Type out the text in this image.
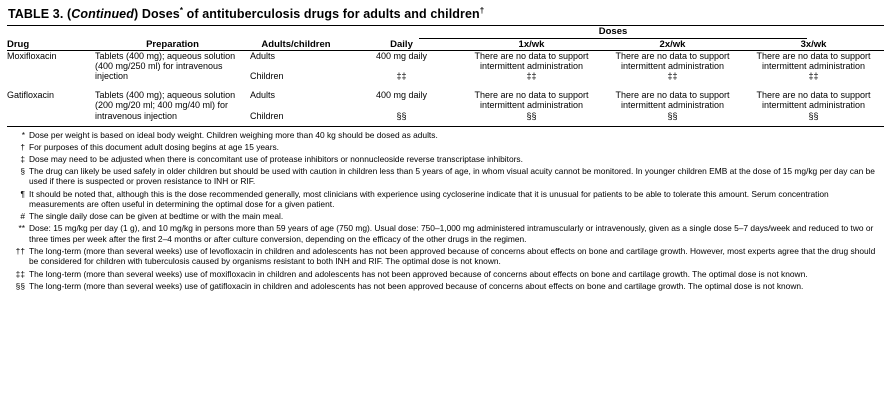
TABLE 3. (Continued) Doses* of antituberculosis drugs for adults and children†
			Doses			
Drug	Preparation	Adults/children	Daily	1x/wk	2x/wk	3x/wk
Moxifloxacin	Tablets (400 mg); aqueous solution (400 mg/250 ml) for intravenous injection	Adults	400 mg daily	There are no data to support intermittent administration	There are no data to support intermittent administration	There are no data to support intermittent administration
		Children	‡‡	‡‡	‡‡	‡‡
Gatifloxacin	Tablets (400 mg); aqueous solution (200 mg/20 ml; 400 mg/40 ml) for intravenous injection	Adults	400 mg daily	There are no data to support intermittent administration	There are no data to support intermittent administration	There are no data to support intermittent administration
		Children	§§	§§	§§	§§
* Dose per weight is based on ideal body weight. Children weighing more than 40 kg should be dosed as adults.
† For purposes of this document adult dosing begins at age 15 years.
‡ Dose may need to be adjusted when there is concomitant use of protease inhibitors or nonnucleoside reverse transcriptase inhibitors.
§ The drug can likely be used safely in older children but should be used with caution in children less than 5 years of age, in whom visual acuity cannot be monitored. In younger children EMB at the dose of 15 mg/kg per day can be used if there is suspected or proven resistance to INH or RIF.
¶ It should be noted that, although this is the dose recommended generally, most clinicians with experience using cycloserine indicate that it is unusual for patients to be able to tolerate this amount. Serum concentration measurements are often useful in determining the optimal dose for a given patient.
# The single daily dose can be given at bedtime or with the main meal.
** Dose: 15 mg/kg per day (1 g), and 10 mg/kg in persons more than 59 years of age (750 mg). Usual dose: 750–1,000 mg administered intramuscularly or intravenously, given as a single dose 5–7 days/week and reduced to two or three times per week after the first 2–4 months or after culture conversion, depending on the efficacy of the other drugs in the regimen.
†† The long-term (more than several weeks) use of levofloxacin in children and adolescents has not been approved because of concerns about effects on bone and cartilage growth. However, most experts agree that the drug should be considered for children with tuberculosis caused by organisms resistant to both INH and RIF. The optimal dose is not known.
‡‡ The long-term (more than several weeks) use of moxifloxacin in children and adolescents has not been approved because of concerns about effects on bone and cartilage growth. The optimal dose is not known.
§§ The long-term (more than several weeks) use of gatifloxacin in children and adolescents has not been approved because of concerns about effects on bone and cartilage growth. The optimal dose is not known.
